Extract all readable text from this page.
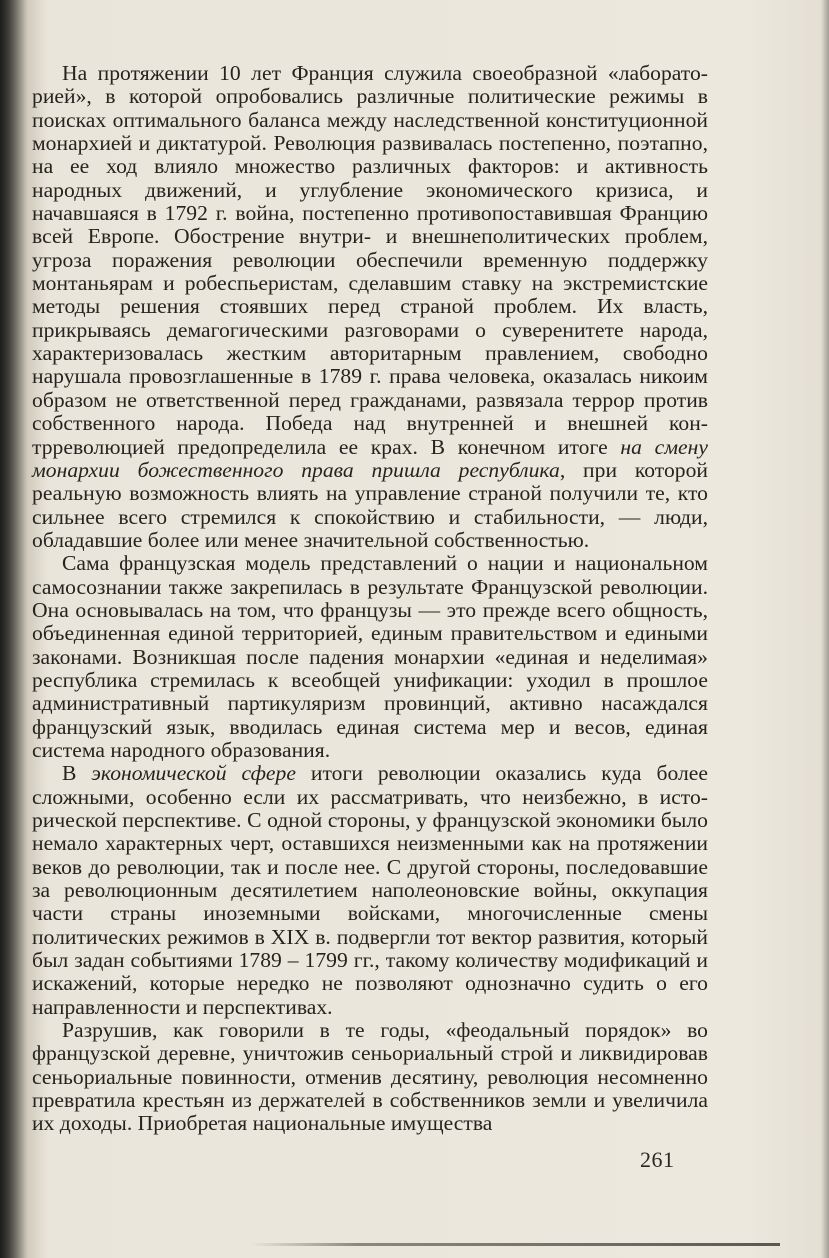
На протяжении 10 лет Франция служила своеобразной «лабораторией», в которой опробовались различные политические режимы в поисках оптимального баланса между наследственной конституционной монархией и диктатурой. Революция развивалась постепенно, поэтапно, на ее ход влияло множество различных факторов: и активность народных движений, и углубление экономического кризиса, и начавшаяся в 1792 г. война, постепенно противопоставившая Францию всей Европе. Обострение внутри- и внешнеполитических проблем, угроза поражения революции обеспечили временную поддержку монтаньярам и робеспьеристам, сделавшим ставку на экстремистские методы решения стоявших перед страной проблем. Их власть, прикрываясь демагогическими разговорами о суверенитете народа, характеризовалась жестким авторитарным правлением, свободно нарушала провозглашенные в 1789 г. права человека, оказалась никоим образом не ответственной перед гражданами, развязала террор против собственного народа. Победа над внутренней и внешней контрреволюцией предопределила ее крах. В конечном итоге на смену монархии божественного права пришла республика, при которой реальную возможность влиять на управление страной получили те, кто сильнее всего стремился к спокойствию и стабильности, — люди, обладавшие более или менее значительной собственностью.

Сама французская модель представлений о нации и национальном самосознании также закрепилась в результате Французской революции. Она основывалась на том, что французы — это прежде всего общность, объединенная единой территорией, единым правительством и едиными законами. Возникшая после падения монархии «единая и неделимая» республика стремилась к всеобщей унификации: уходил в прошлое административный партикуляризм провинций, активно насаждался французский язык, вводилась единая система мер и весов, единая система народного образования.

В экономической сфере итоги революции оказались куда более сложными, особенно если их рассматривать, что неизбежно, в исторической перспективе. С одной стороны, у французской экономики было немало характерных черт, оставшихся неизменными как на протяжении веков до революции, так и после нее. С другой стороны, последовавшие за революционным десятилетием наполеоновские войны, оккупация части страны иноземными войсками, многочисленные смены политических режимов в XIX в. подвергли тот вектор развития, который был задан событиями 1789 – 1799 гг., такому количеству модификаций и искажений, которые нередко не позволяют однозначно судить о его направленности и перспективах.

Разрушив, как говорили в те годы, «феодальный порядок» во французской деревне, уничтожив сеньориальный строй и ликвидировав сеньориальные повинности, отменив десятину, революция несомненно превратила крестьян из держателей в собственников земли и увеличила их доходы. Приобретая национальные имущества

261
